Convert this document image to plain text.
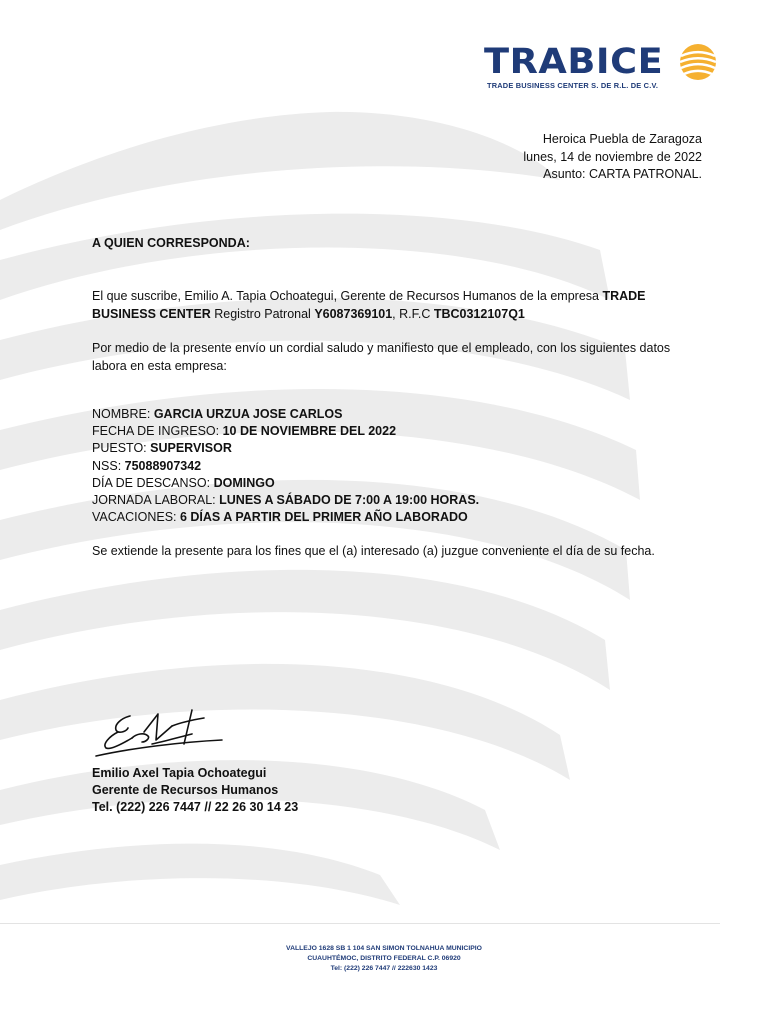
TRABICE
TRADE BUSINESS CENTER S. DE R.L. DE C.V.
Heroica Puebla de Zaragoza
lunes, 14 de noviembre de 2022
Asunto: CARTA PATRONAL.
A QUIEN CORRESPONDA:
El que suscribe, Emilio A. Tapia Ochoategui, Gerente de Recursos Humanos de la empresa TRADE BUSINESS CENTER Registro Patronal Y6087369101, R.F.C TBC0312107Q1
Por medio de la presente envío un cordial saludo y manifiesto que el empleado, con los siguientes datos labora en esta empresa:
NOMBRE: GARCIA URZUA JOSE CARLOS
FECHA DE INGRESO: 10 DE NOVIEMBRE DEL 2022
PUESTO: SUPERVISOR
NSS: 75088907342
DÍA DE DESCANSO: DOMINGO
JORNADA LABORAL: LUNES A SÁBADO DE 7:00 A 19:00 HORAS.
VACACIONES: 6 DÍAS A PARTIR DEL PRIMER AÑO LABORADO
Se extiende la presente para los fines que el (a) interesado (a) juzgue conveniente el día de su fecha.
Emilio Axel Tapia Ochoategui
Gerente de Recursos Humanos
Tel. (222) 226 7447 // 22 26 30 14 23
VALLEJO 1628 SB 1 104 SAN SIMON TOLNAHUA MUNICIPIO
CUAUHTÉMOC, DISTRITO FEDERAL C.P. 06920
Tel: (222) 226 7447 // 222630 1423
